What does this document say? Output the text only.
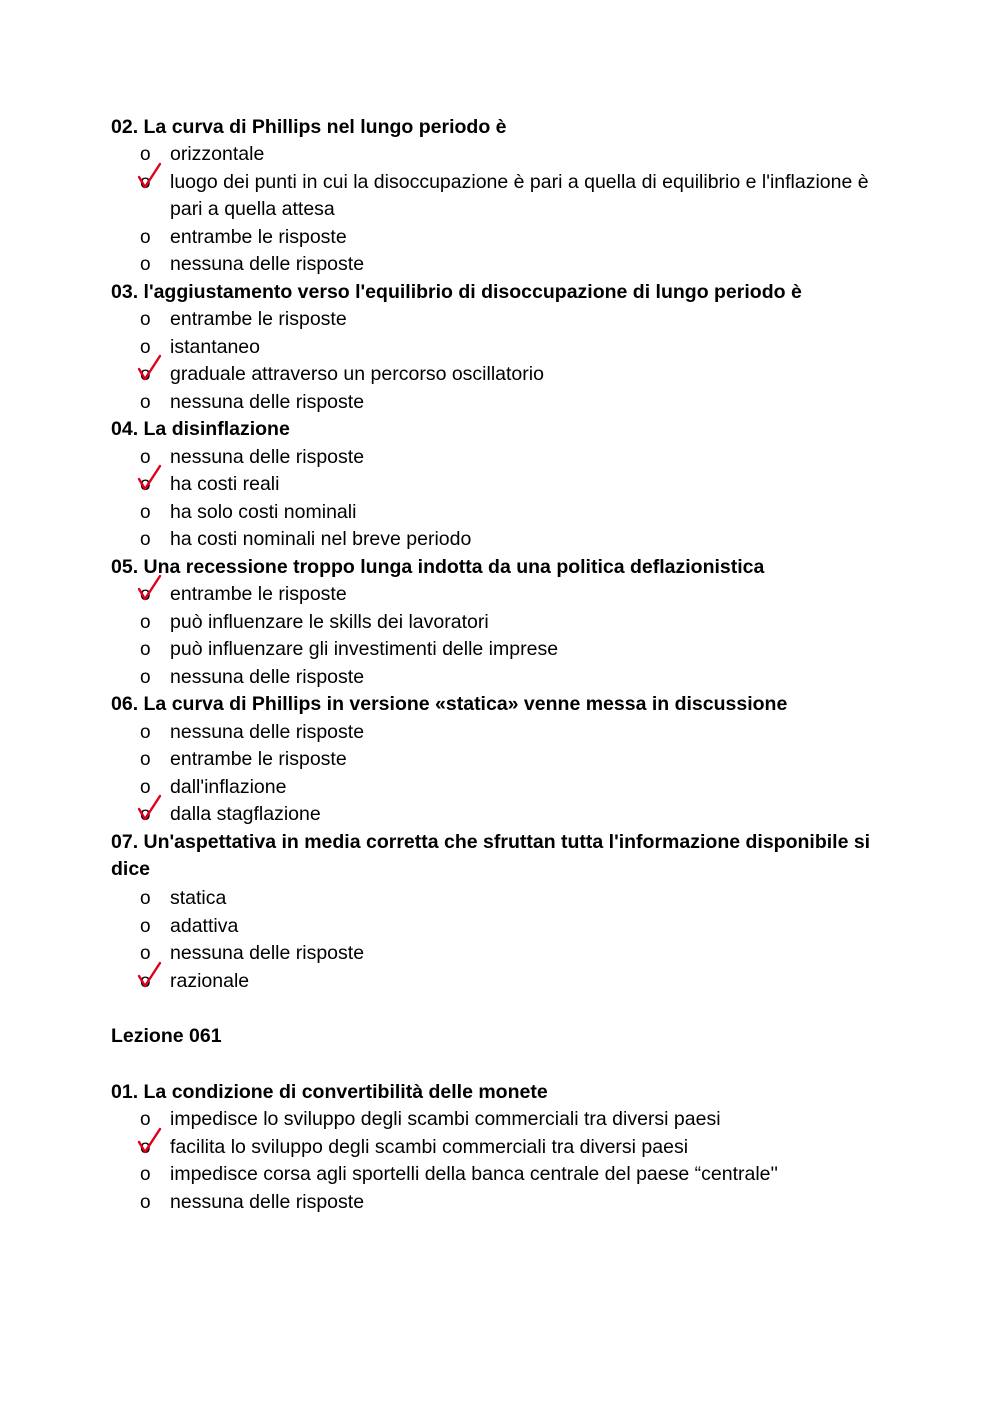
02. La curva di Phillips nel lungo periodo è
o orizzontale
o luogo dei punti in cui la disoccupazione è pari a quella di equilibrio e l'inflazione è pari a quella attesa
o entrambe le risposte
o nessuna delle risposte
03. l'aggiustamento verso l'equilibrio di disoccupazione di lungo periodo è
o entrambe le risposte
o istantaneo
o graduale attraverso un percorso oscillatorio
o nessuna delle risposte
04. La disinflazione
o nessuna delle risposte
o ha costi reali
o ha solo costi nominali
o ha costi nominali nel breve periodo
05. Una recessione troppo lunga indotta da una politica deflazionistica
o entrambe le risposte
o può influenzare le skills dei lavoratori
o può influenzare gli investimenti delle imprese
o nessuna delle risposte
06. La curva di Phillips in versione «statica» venne messa in discussione
o nessuna delle risposte
o entrambe le risposte
o dall'inflazione
o dalla stagflazione
07. Un'aspettativa in media corretta che sfruttan tutta l'informazione disponibile si dice
o statica
o adattiva
o nessuna delle risposte
o razionale
Lezione 061
01. La condizione di convertibilità delle monete
o impedisce lo sviluppo degli scambi commerciali tra diversi paesi
o facilita lo sviluppo degli scambi commerciali tra diversi paesi
o impedisce corsa agli sportelli della banca centrale del paese “centrale''
o nessuna delle risposte
